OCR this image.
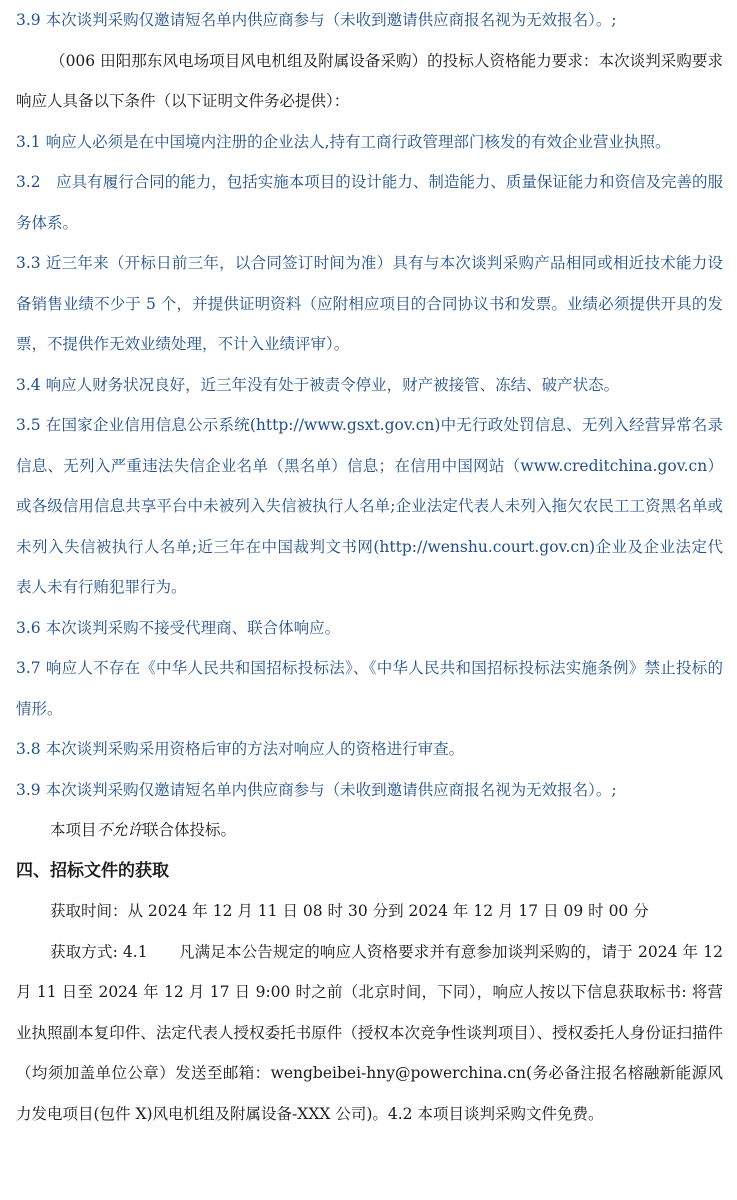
3.9 本次谈判采购仅邀请短名单内供应商参与（未收到邀请供应商报名视为无效报名）。;

（006 田阳那东风电场项目风电机组及附属设备采购）的投标人资格能力要求：本次谈判采购要求响应人具备以下条件（以下证明文件务必提供）：

3.1 响应人必须是在中国境内注册的企业法人,持有工商行政管理部门核发的有效企业营业执照。

3.2　应具有履行合同的能力，包括实施本项目的设计能力、制造能力、质量保证能力和资信及完善的服务体系。

3.3 近三年来（开标日前三年，以合同签订时间为准）具有与本次谈判采购产品相同或相近技术能力设备销售业绩不少于 5 个，并提供证明资料（应附相应项目的合同协议书和发票。业绩必须提供开具的发票，不提供作无效业绩处理，不计入业绩评审）。

3.4 响应人财务状况良好，近三年没有处于被责令停业，财产被接管、冻结、破产状态。

3.5 在国家企业信用信息公示系统(http://www.gsxt.gov.cn)中无行政处罚信息、无列入经营异常名录信息、无列入严重违法失信企业名单（黑名单）信息；在信用中国网站（www.creditchina.gov.cn）或各级信用信息共享平台中未被列入失信被执行人名单;企业法定代表人未列入拖欠农民工工资黑名单或未列入失信被执行人名单;近三年在中国裁判文书网(http://wenshu.court.gov.cn)企业及企业法定代表人未有行贿犯罪行为。

3.6 本次谈判采购不接受代理商、联合体响应。

3.7 响应人不存在《中华人民共和国招标投标法》、《中华人民共和国招标投标法实施条例》禁止投标的情形。

3.8 本次谈判采购采用资格后审的方法对响应人的资格进行审查。

3.9 本次谈判采购仅邀请短名单内供应商参与（未收到邀请供应商报名视为无效报名）。;

本项目不允许联合体投标。

四、招标文件的获取

获取时间：从 2024 年 12 月 11 日 08 时 30 分到 2024 年 12 月 17 日 09 时 00 分

获取方式: 4.1　　凡满足本公告规定的响应人资格要求并有意参加谈判采购的，请于 2024 年 12 月 11 日至 2024 年 12 月 17 日 9:00 时之前（北京时间，下同），响应人按以下信息获取标书: 将营业执照副本复印件、法定代表人授权委托书原件（授权本次竞争性谈判项目）、授权委托人身份证扫描件（均须加盖单位公章）发送至邮箱：wengbeibei-hny@powerchina.cn(务必备注报名榕融新能源风力发电项目(包件 X)风电机组及附属设备-XXX 公司)。4.2 本项目谈判采购文件免费。
